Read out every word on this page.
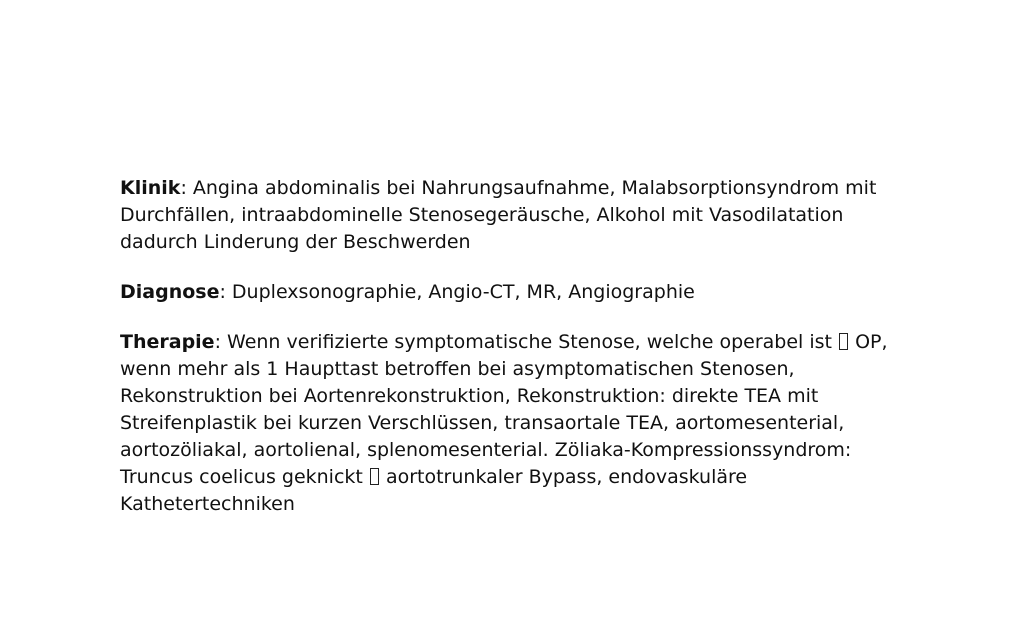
Klinik: Angina abdominalis bei Nahrungsaufnahme, Malabsorptionsyndrom mit Durchfällen, intraabdominelle Stenosegeräusche, Alkohol mit Vasodilatation dadurch Linderung der Beschwerden

Diagnose: Duplexsonographie, Angio-CT, MR, Angiographie

Therapie: Wenn verifizierte symptomatische Stenose, welche operabel ist  OP, wenn mehr als 1 Haupttast betroffen bei asymptomatischen Stenosen, Rekonstruktion bei Aortenrekonstruktion, Rekonstruktion: direkte TEA mit Streifenplastik bei kurzen Verschlüssen, transaortale TEA, aortomesenterial, aortozöliakal, aortolienal, splenomesenterial. Zöliaka-Kompressionssyndrom: Truncus coelicus geknickt  aortotrunkaler Bypass, endovaskuläre Kathetertechniken
